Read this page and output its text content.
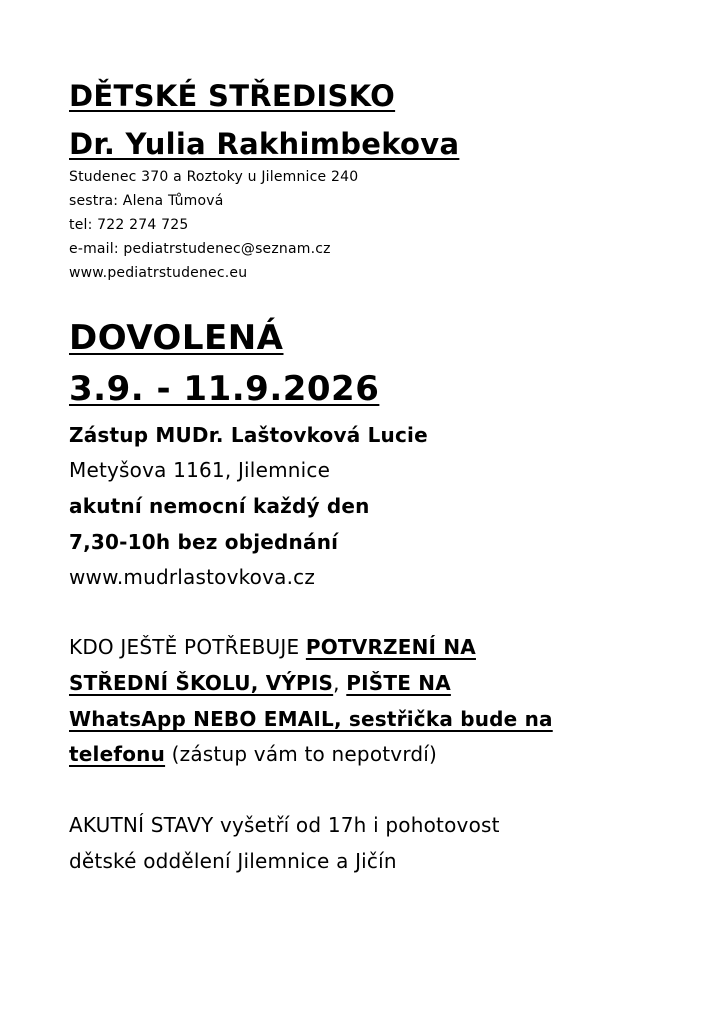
DĚTSKÉ STŘEDISKO
Dr. Yulia Rakhimbekova
Studenec 370 a Roztoky u Jilemnice 240
sestra: Alena Tůmová
tel: 722 274 725
e-mail: pediatrstudenec@seznam.cz
www.pediatrstudenec.eu
DOVOLENÁ
3.9. - 11.9.2026
Zástup MUDr. Laštovková Lucie
Metyšova 1161, Jilemnice
akutní nemocní každý den
7,30-10h bez objednání
www.mudrlastovkova.cz
KDO JEŠTĚ POTŘEBUJE POTVRZENÍ NA
STŘEDNÍ ŠKOLU, VÝPIS, PIŠTE NA
WhatsApp NEBO EMAIL, sestřička bude na
telefonu (zástup vám to nepotvrdí)
AKUTNÍ STAVY vyšetří od 17h i pohotovost
dětské oddělení Jilemnice a Jičín
